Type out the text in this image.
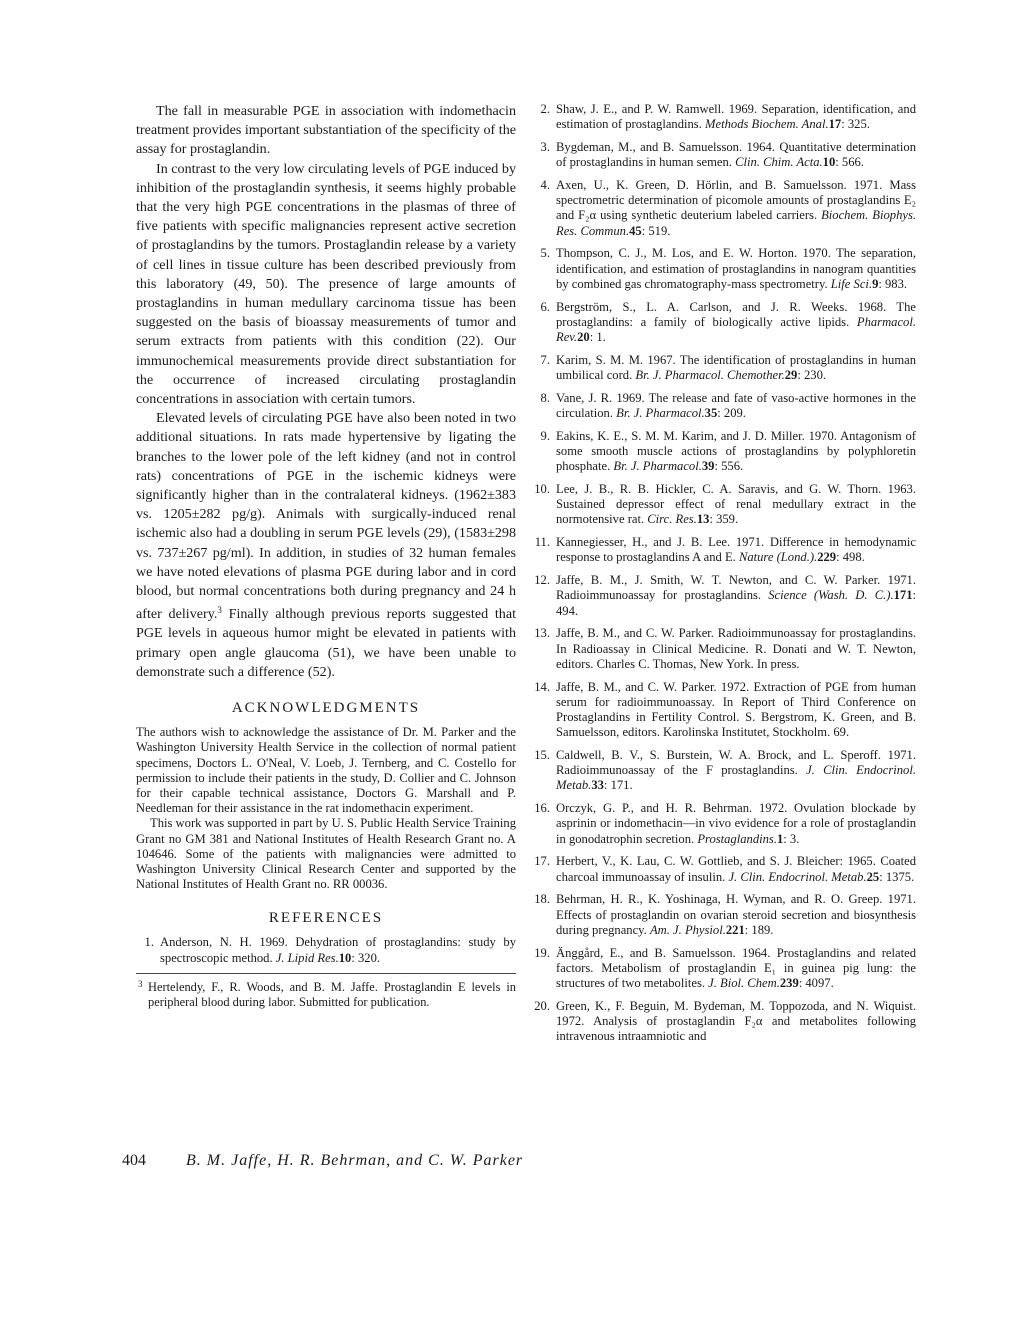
The fall in measurable PGE in association with indomethacin treatment provides important substantiation of the specificity of the assay for prostaglandin.

In contrast to the very low circulating levels of PGE induced by inhibition of the prostaglandin synthesis, it seems highly probable that the very high PGE concentrations in the plasmas of three of five patients with specific malignancies represent active secretion of prostaglandins by the tumors. Prostaglandin release by a variety of cell lines in tissue culture has been described previously from this laboratory (49, 50). The presence of large amounts of prostaglandins in human medullary carcinoma tissue has been suggested on the basis of bioassay measurements of tumor and serum extracts from patients with this condition (22). Our immunochemical measurements provide direct substantiation for the occurrence of increased circulating prostaglandin concentrations in association with certain tumors.

Elevated levels of circulating PGE have also been noted in two additional situations. In rats made hypertensive by ligating the branches to the lower pole of the left kidney (and not in control rats) concentrations of PGE in the ischemic kidneys were significantly higher than in the contralateral kidneys. (1962±383 vs. 1205±282 pg/g). Animals with surgically-induced renal ischemic also had a doubling in serum PGE levels (29), (1583±298 vs. 737±267 pg/ml). In addition, in studies of 32 human females we have noted elevations of plasma PGE during labor and in cord blood, but normal concentrations both during pregnancy and 24 h after delivery.$^3$ Finally although previous reports suggested that PGE levels in aqueous humor might be elevated in patients with primary open angle glaucoma (51), we have been unable to demonstrate such a difference (52).

ACKNOWLEDGMENTS

The authors wish to acknowledge the assistance of Dr. M. Parker and the Washington University Health Service in the collection of normal patient specimens, Doctors L. O'Neal, V. Loeb, J. Ternberg, and C. Costello for permission to include their patients in the study, D. Collier and C. Johnson for their capable technical assistance, Doctors G. Marshall and P. Needleman for their assistance in the rat indomethacin experiment.

This work was supported in part by U. S. Public Health Service Training Grant no GM 381 and National Institutes of Health Research Grant no. A 104646. Some of the patients with malignancies were admitted to Washington University Clinical Research Center and supported by the National Institutes of Health Grant no. RR 00036.

REFERENCES
1. Anderson, N. H. 1969. Dehydration of prostaglandins: study by spectroscopic method. J. Lipid Res.10: 320.

3 Hertelendy, F., R. Woods, and B. M. Jaffe. Prostaglandin E levels in peripheral blood during labor. Submitted for publication.

2. Shaw, J. E., and P. W. Ramwell. 1969. Separation, identification, and estimation of prostaglandins. Methods Biochem. Anal.17: 325.
3. Bygdeman, M., and B. Samuelsson. 1964. Quantitative determination of prostaglandins in human semen. Clin. Chim. Acta.10: 566.
4. Axen, U., K. Green, D. Hörlin, and B. Samuelsson. 1971. Mass spectrometric determination of picomole amounts of prostaglandins E₂ and F₂α using synthetic deuterium labeled carriers. Biochem. Biophys. Res. Commun.45: 519.
5. Thompson, C. J., M. Los, and E. W. Horton. 1970. The separation, identification, and estimation of prostaglandins in nanogram quantities by combined gas chromatography-mass spectrometry. Life Sci.9: 983.
6. Bergström, S., L. A. Carlson, and J. R. Weeks. 1968. The prostaglandins: a family of biologically active lipids. Pharmacol. Rev.20: 1.
7. Karim, S. M. M. 1967. The identification of prostaglandins in human umbilical cord. Br. J. Pharmacol. Chemother.29: 230.
8. Vane, J. R. 1969. The release and fate of vaso-active hormones in the circulation. Br. J. Pharmacol.35: 209.
9. Eakins, K. E., S. M. M. Karim, and J. D. Miller. 1970. Antagonism of some smooth muscle actions of prostaglandins by polyphloretin phosphate. Br. J. Pharmacol.39: 556.
10. Lee, J. B., R. B. Hickler, C. A. Saravis, and G. W. Thorn. 1963. Sustained depressor effect of renal medullary extract in the normotensive rat. Circ. Res.13: 359.
11. Kannegiesser, H., and J. B. Lee. 1971. Difference in hemodynamic response to prostaglandins A and E. Nature (Lond.).229: 498.
12. Jaffe, B. M., J. Smith, W. T. Newton, and C. W. Parker. 1971. Radioimmunoassay for prostaglandins. Science (Wash. D. C.).171: 494.
13. Jaffe, B. M., and C. W. Parker. Radioimmunoassay for prostaglandins. In Radioassay in Clinical Medicine. R. Donati and W. T. Newton, editors. Charles C. Thomas, New York. In press.
14. Jaffe, B. M., and C. W. Parker. 1972. Extraction of PGE from human serum for radioimmunoassay. In Report of Third Conference on Prostaglandins in Fertility Control. S. Bergstrom, K. Green, and B. Samuelsson, editors. Karolinska Institutet, Stockholm. 69.
15. Caldwell, B. V., S. Burstein, W. A. Brock, and L. Speroff. 1971. Radioimmunoassay of the F prostaglandins. J. Clin. Endocrinol. Metab.33: 171.
16. Orczyk, G. P., and H. R. Behrman. 1972. Ovulation blockade by asprinin or indomethacin—in vivo evidence for a role of prostaglandin in gonodatrophin secretion. Prostaglandins.1: 3.
17. Herbert, V., K. Lau, C. W. Gottlieb, and S. J. Bleicher: 1965. Coated charcoal immunoassay of insulin. J. Clin. Endocrinol. Metab.25: 1375.
18. Behrman, H. R., K. Yoshinaga, H. Wyman, and R. O. Greep. 1971. Effects of prostaglandin on ovarian steroid secretion and biosynthesis during pregnancy. Am. J. Physiol.221: 189.
19. Änggård, E., and B. Samuelsson. 1964. Prostaglandins and related factors. Metabolism of prostaglandin E₁ in guinea pig lung: the structures of two metabolites. J. Biol. Chem.239: 4097.
20. Green, K., F. Beguin, M. Bydeman, M. Toppozoda, and N. Wiquist. 1972. Analysis of prostaglandin F₂α and metabolites following intravenous intraamniotic and
404	B. M. Jaffe, H. R. Behrman, and C. W. Parker
